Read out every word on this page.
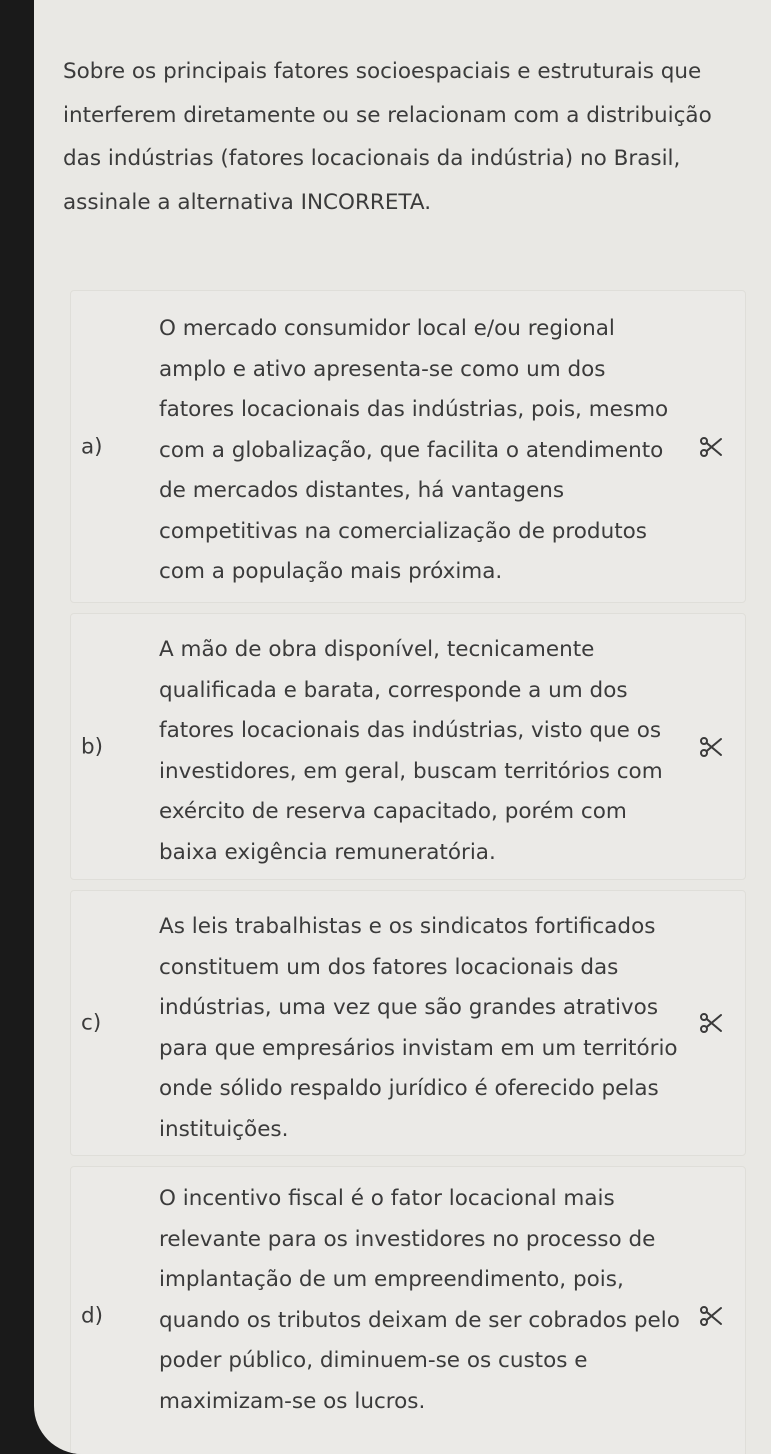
Sobre os principais fatores socioespaciais e estruturais que interferem diretamente ou se relacionam com a distribuição das indústrias (fatores locacionais da indústria) no Brasil, assinale a alternativa INCORRETA.

a)

O mercado consumidor local e/ou regional amplo e ativo apresenta-se como um dos fatores locacionais das indústrias, pois, mesmo com a globalização, que facilita o atendimento de mercados distantes, há vantagens competitivas na comercialização de produtos com a população mais próxima.

b)

A mão de obra disponível, tecnicamente qualificada e barata, corresponde a um dos fatores locacionais das indústrias, visto que os investidores, em geral, buscam territórios com exército de reserva capacitado, porém com baixa exigência remuneratória.

c)

As leis trabalhistas e os sindicatos fortificados constituem um dos fatores locacionais das indústrias, uma vez que são grandes atrativos para que empresários invistam em um território onde sólido respaldo jurídico é oferecido pelas instituições.

d)

O incentivo fiscal é o fator locacional mais relevante para os investidores no processo de implantação de um empreendimento, pois, quando os tributos deixam de ser cobrados pelo poder público, diminuem-se os custos e maximizam-se os lucros.
